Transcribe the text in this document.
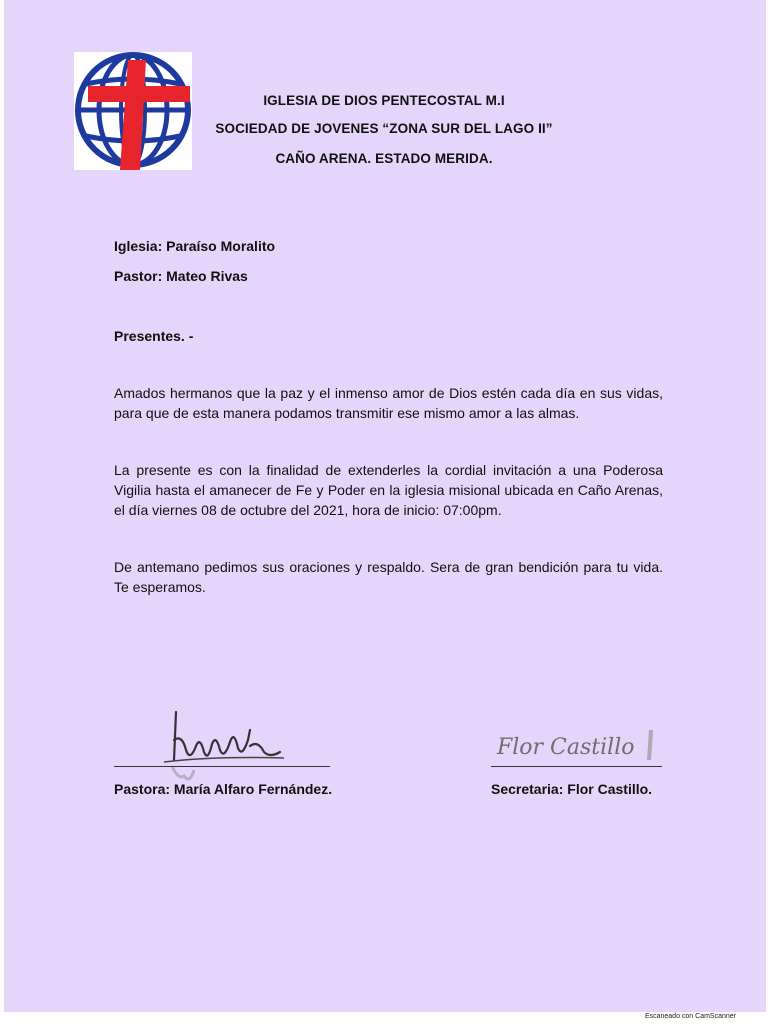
IGLESIA DE DIOS PENTECOSTAL M.I
SOCIEDAD DE JOVENES “ZONA SUR DEL LAGO II”
CAÑO ARENA. ESTADO MERIDA.
Iglesia: Paraíso Moralito
Pastor: Mateo Rivas
Presentes. -
Amados hermanos que la paz y el inmenso amor de Dios estén cada día en sus vidas, para que de esta manera podamos transmitir ese mismo amor a las almas.
La presente es con la finalidad de extenderles la cordial invitación a una Poderosa Vigilia hasta el amanecer de Fe y Poder en la iglesia misional ubicada en Caño Arenas, el día viernes 08 de octubre del 2021, hora de inicio: 07:00pm.
De antemano pedimos sus oraciones y respaldo. Sera de gran bendición para tu vida. Te esperamos.
Flor Castillo
Pastora: María Alfaro Fernández.	Secretaria: Flor Castillo.
Escaneado con CamScanner
